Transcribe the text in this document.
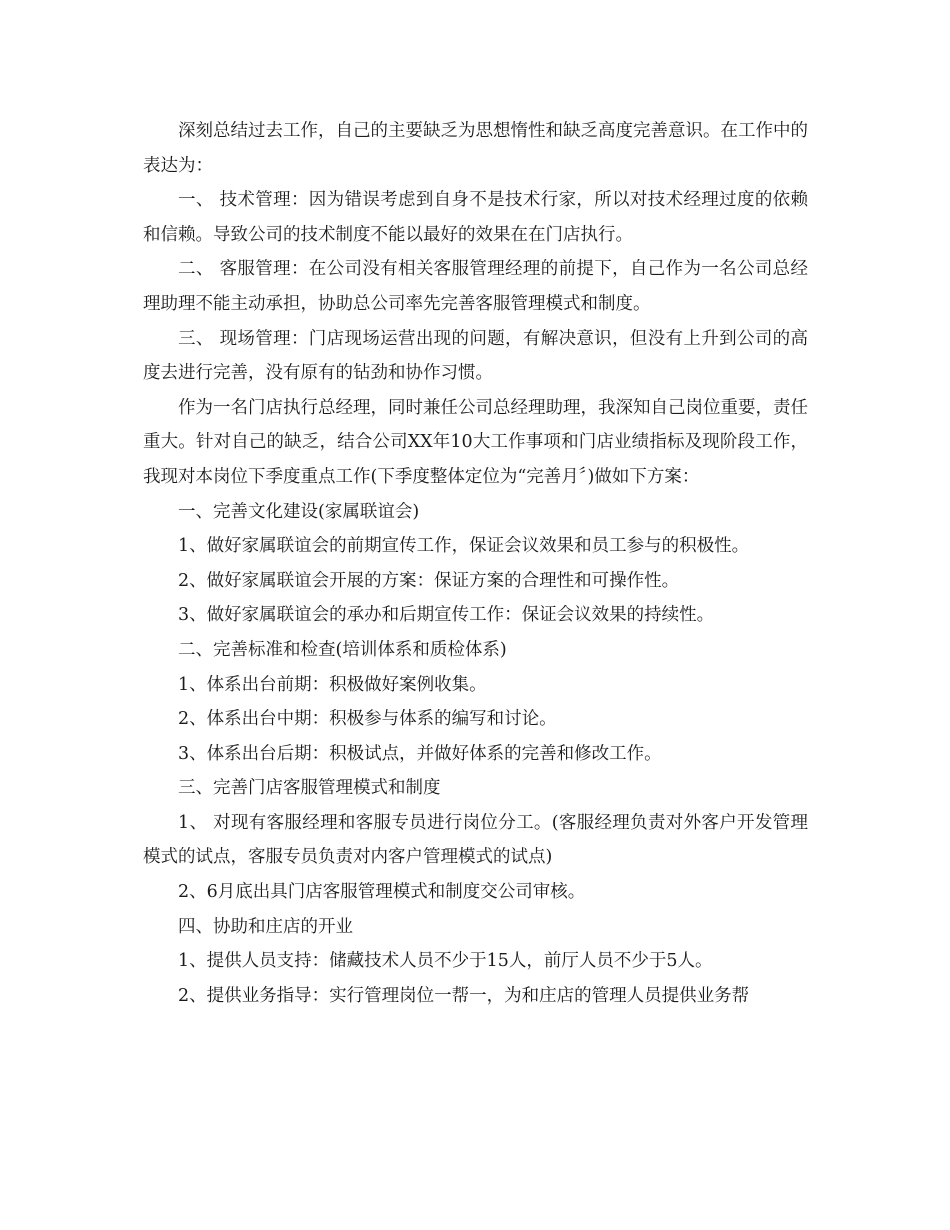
深刻总结过去工作，自己的主要缺乏为思想惰性和缺乏高度完善意识。在工作中的表达为：

一、 技术管理：因为错误考虑到自身不是技术行家，所以对技术经理过度的依赖和信赖。导致公司的技术制度不能以最好的效果在在门店执行。

二、 客服管理：在公司没有相关客服管理经理的前提下，自己作为一名公司总经理助理不能主动承担，协助总公司率先完善客服管理模式和制度。

三、 现场管理：门店现场运营出现的问题，有解决意识，但没有上升到公司的高度去进行完善，没有原有的钻劲和协作习惯。

作为一名门店执行总经理，同时兼任公司总经理助理，我深知自己岗位重要，责任重大。针对自己的缺乏，结合公司XX年10大工作事项和门店业绩指标及现阶段工作，我现对本岗位下季度重点工作(下季度整体定位为“完善月〞)做如下方案：

一、完善文化建设(家属联谊会)

1、做好家属联谊会的前期宣传工作，保证会议效果和员工参与的积极性。

2、做好家属联谊会开展的方案：保证方案的合理性和可操作性。

3、做好家属联谊会的承办和后期宣传工作：保证会议效果的持续性。

二、完善标准和检查(培训体系和质检体系)

1、体系出台前期：积极做好案例收集。

2、体系出台中期：积极参与体系的编写和讨论。

3、体系出台后期：积极试点，并做好体系的完善和修改工作。

三、完善门店客服管理模式和制度

1、 对现有客服经理和客服专员进行岗位分工。(客服经理负责对外客户开发管理模式的试点，客服专员负责对内客户管理模式的试点)

2、6月底出具门店客服管理模式和制度交公司审核。

四、协助和庄店的开业

1、提供人员支持：储藏技术人员不少于15人，前厅人员不少于5人。

2、提供业务指导：实行管理岗位一帮一，为和庄店的管理人员提供业务帮
